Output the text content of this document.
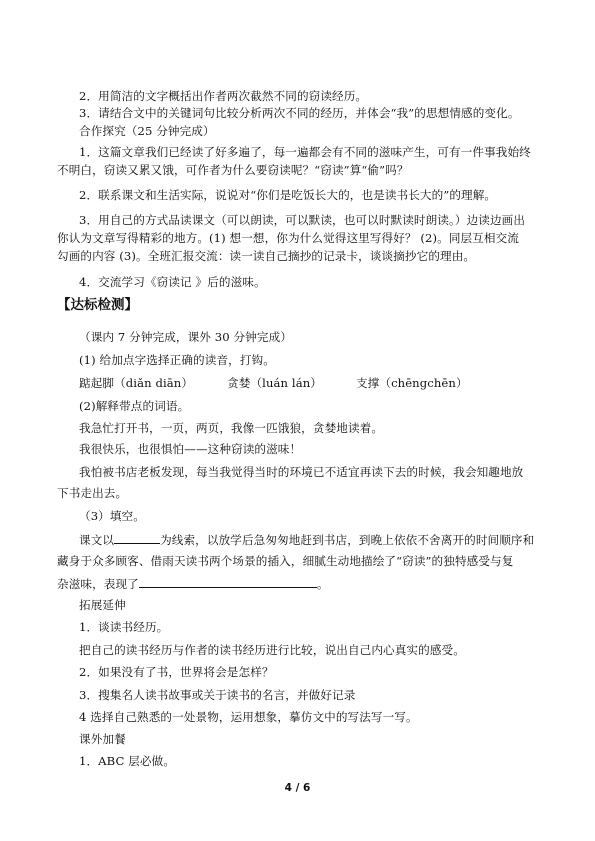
2．用简洁的文字概括出作者两次截然不同的窃读经历。
3．请结合文中的关键词句比较分析两次不同的经历，并体会“我”的思想情感的变化。
合作探究（25 分钟完成）
1．这篇文章我们已经读了好多遍了，每一遍都会有不同的滋味产生，可有一件事我始终
不明白，窃读又累又饿，可作者为什么要窃读呢？“窃读”算“偷”吗？
2．联系课文和生活实际，说说对“你们是吃饭长大的，也是读书长大的”的理解。
3．用自己的方式品读课文（可以朗读，可以默读，也可以时默读时朗读。）边读边画出
你认为文章写得精彩的地方。(1) 想一想，你为什么觉得这里写得好？ (2)。同层互相交流
勾画的内容 (3)。全班汇报交流：读一读自己摘抄的记录卡，谈谈摘抄它的理由。
4．交流学习《窃读记 》后的滋味。
【达标检测】
（课内 7 分钟完成，课外 30 分钟完成）
(1) 给加点字选择正确的读音，打钩。
踮起脚（diǎn diān）	贪婪（luán lán）	支撑（chēngchēn）
(2)解释带点的词语。
我急忙打开书，一页，两页，我像一匹饿狼，贪婪地读着。
我很快乐，也很惧怕——这种窃读的滋味！
我怕被书店老板发现，每当我觉得当时的环境已不适宜再读下去的时候，我会知趣地放
下书走出去。
（3）填空。
课文以	为线索，以放学后急匆匆地赶到书店，到晚上依依不舍离开的时间顺序和
藏身于众多顾客、借雨天读书两个场景的插入，细腻生动地描绘了“窃读”的独特感受与复
杂滋味，表现了	。
拓展延伸
1．谈读书经历。
把自己的读书经历与作者的读书经历进行比较，说出自己内心真实的感受。
2．如果没有了书，世界将会是怎样？
3．搜集名人读书故事或关于读书的名言，并做好记录
4 选择自己熟悉的一处景物，运用想象，摹仿文中的写法写一写。
课外加餐
1．ABC 层必做。
4 / 6
